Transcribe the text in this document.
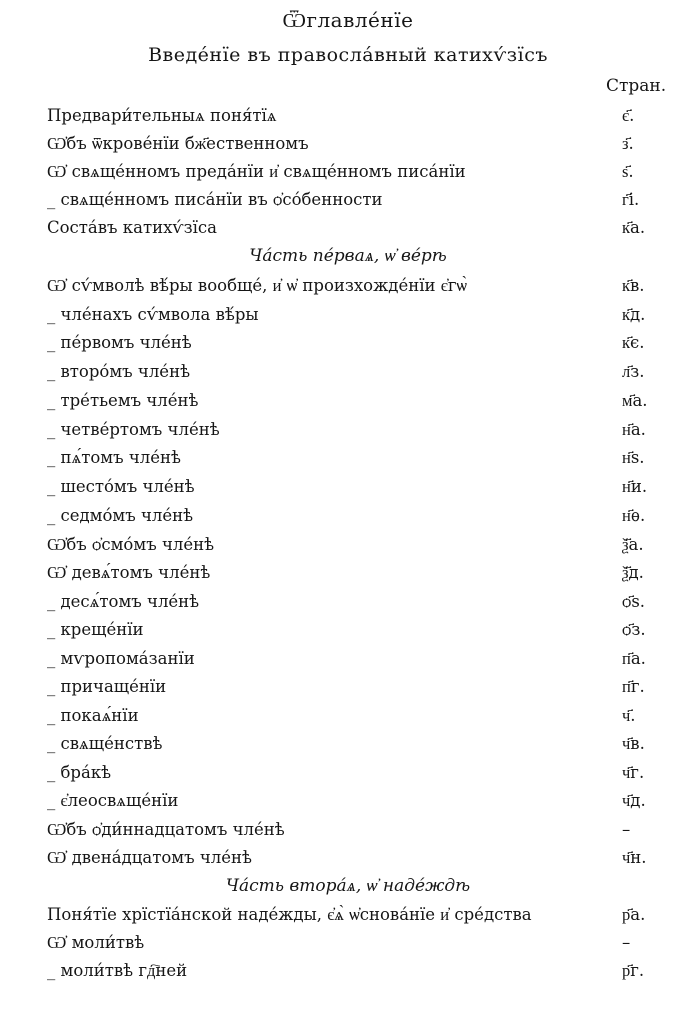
Ѿглавле́нїе
Введе́нїе въ правосла́вный катихѵ́зїсъ
Стран.
Предвари́тельныѧ поня́тїѧ	є҃.
Ѡ҆бъ ѿкрове́нїи бж҃ественномъ	з҃.
Ѡ҆ свѧще́нномъ преда́нїи и҆ свѧще́нномъ писа́нїи	ѕ҃.
_ свѧще́нномъ писа́нїи въ ѻ҆со́бенности	г҃і.
Соста́въ катихѵ́зїса	к҃а.
Ча́сть пе́рваѧ, ѡ҆ ве́рѣ
Ѡ҆ сѵ́мволѣ вѣ́ры вообще́, и҆ ѡ҆ произхожде́нїи є҆гѡ̀	к҃в.
_ чле́нахъ сѵ́мвола вѣ́ры	к҃д.
_ пе́рвомъ чле́нѣ	к҃є.
_ второ́мъ чле́нѣ	л҃з.
_ тре́тьемъ чле́нѣ	м҃а.
_ четве́ртомъ чле́нѣ	н҃а.
_ пѧ́томъ чле́нѣ	н҃ѕ.
_ шесто́мъ чле́нѣ	н҃и.
_ седмо́мъ чле́нѣ	н҃ѳ.
Ѡ҆бъ ѻ҆смо́мъ чле́нѣ	ѯ҃а.
Ѡ҆ девѧ́томъ чле́нѣ	ѯ҃д.
_ десѧ́томъ чле́нѣ	ѻ҃ѕ.
_ креще́нїи	ѻ҃з.
_ мѵропома́занїи	п҃а.
_ причаще́нїи	п҃г.
_ покаѧ́нїи	ч҃.
_ свѧще́нствѣ	ч҃в.
_ бра́кѣ	ч҃г.
_ є҆леосвѧще́нїи	ч҃д.
Ѡ҆бъ ѻ҆ди́ннадцатомъ чле́нѣ	–
Ѡ҆ двена́дцатомъ чле́нѣ	ч҃н.
Ча́сть втора́ѧ, ѡ҆ наде́ждѣ
Поня́тїе хрїстїа́нской наде́жды, є҆ѧ̀ ѡ҆снова́нїе и҆ сре́дства	р҃а.
Ѡ҆ моли́твѣ	–
_ моли́твѣ гд҇ней	р҃г.
